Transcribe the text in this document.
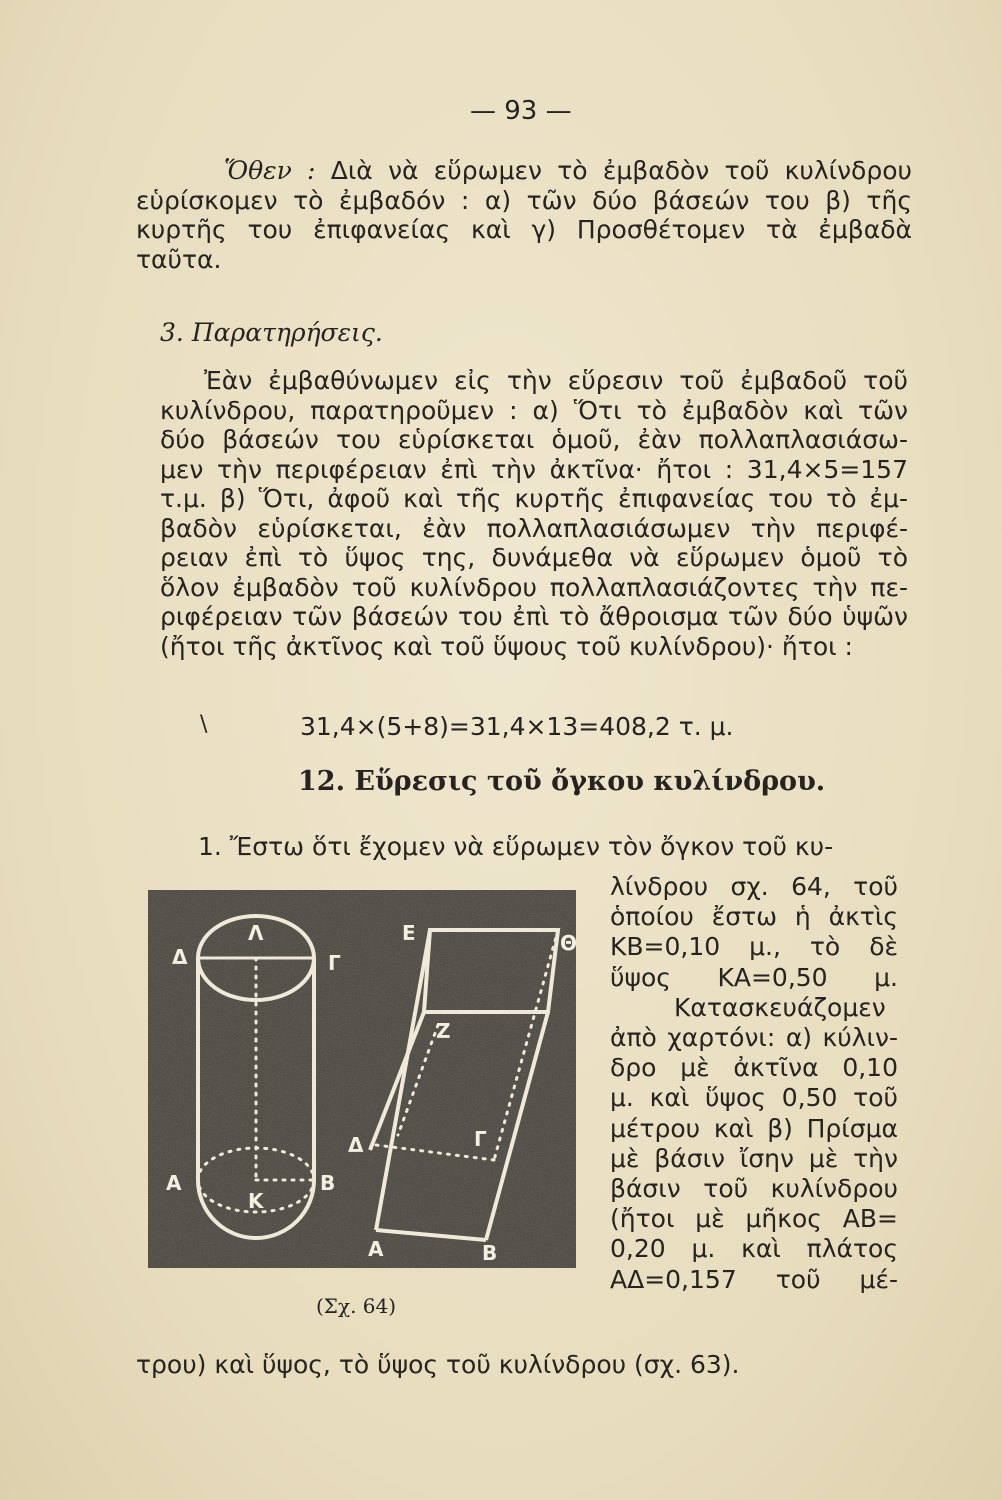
— 93 —
Ὅθεν : Διὰ νὰ εὕρωμεν τὸ ἐμβαδὸν τοῦ κυλίνδρου
εὑρίσκομεν τὸ ἐμβαδόν : α) τῶν δύο βάσεών του β) τῆς
κυρτῆς του ἐπιφανείας καὶ γ) Προσθέτομεν τὰ ἐμβαδὰ
ταῦτα.
3. Παρατηρήσεις.
Ἐὰν ἐμβαθύνωμεν εἰς τὴν εὕρεσιν τοῦ ἐμβαδοῦ τοῦ
κυλίνδρου, παρατηροῦμεν : α) Ὅτι τὸ ἐμβαδὸν καὶ τῶν
δύο βάσεών του εὑρίσκεται ὁμοῦ, ἐὰν πολλαπλασιάσω-
μεν τὴν περιφέρειαν ἐπὶ τὴν ἀκτῖνα· ἤτοι : 31,4×5=157
τ.μ. β) Ὅτι, ἀφοῦ καὶ τῆς κυρτῆς ἐπιφανείας του τὸ ἐμ-
βαδὸν εὑρίσκεται, ἐὰν πολλαπλασιάσωμεν τὴν περιφέ-
ρειαν ἐπὶ τὸ ὕψος της, δυνάμεθα νὰ εὕρωμεν ὁμοῦ τὸ
ὅλον ἐμβαδὸν τοῦ κυλίνδρου πολλαπλασιάζοντες τὴν πε-
ριφέρειαν τῶν βάσεών του ἐπὶ τὸ ἄθροισμα τῶν δύο ὑψῶν
(ἤτοι τῆς ἀκτῖνος καὶ τοῦ ὕψους τοῦ κυλίνδρου)· ἤτοι :
\	31,4×(5+8)=31,4×13=408,2 τ. μ.
12. Εὕρεσις τοῦ ὄγκου κυλίνδρου.
1. Ἔστω ὅτι ἔχομεν νὰ εὕρωμεν τὸν ὄγκον τοῦ κυ-
λίνδρου σχ. 64, τοῦ
ὁποίου ἔστω ἡ ἀκτὶς
ΚΒ=0,10 μ., τὸ δὲ
ὕψος ΚΑ=0,50 μ.
Κατασκευάζομεν
ἀπὸ χαρτόνι: α) κύλιν-
δρο μὲ ἀκτῖνα 0,10
μ. καὶ ὕψος 0,50 τοῦ
μέτρου καὶ β) Πρίσμα
μὲ βάσιν ἴσην μὲ τὴν
βάσιν τοῦ κυλίνδρου
(ἤτοι μὲ μῆκος ΑΒ=
0,20 μ. καὶ πλάτος
ΑΔ=0,157 τοῦ μέ-
τρου) καὶ ὕψος, τὸ ὕψος τοῦ κυλίνδρου (σχ. 63).
Δ
Λ
Γ
Ε	Θ
Ζ
Δ	Γ
Α
Κ
Β
Α	Β
(Σχ. 64)
